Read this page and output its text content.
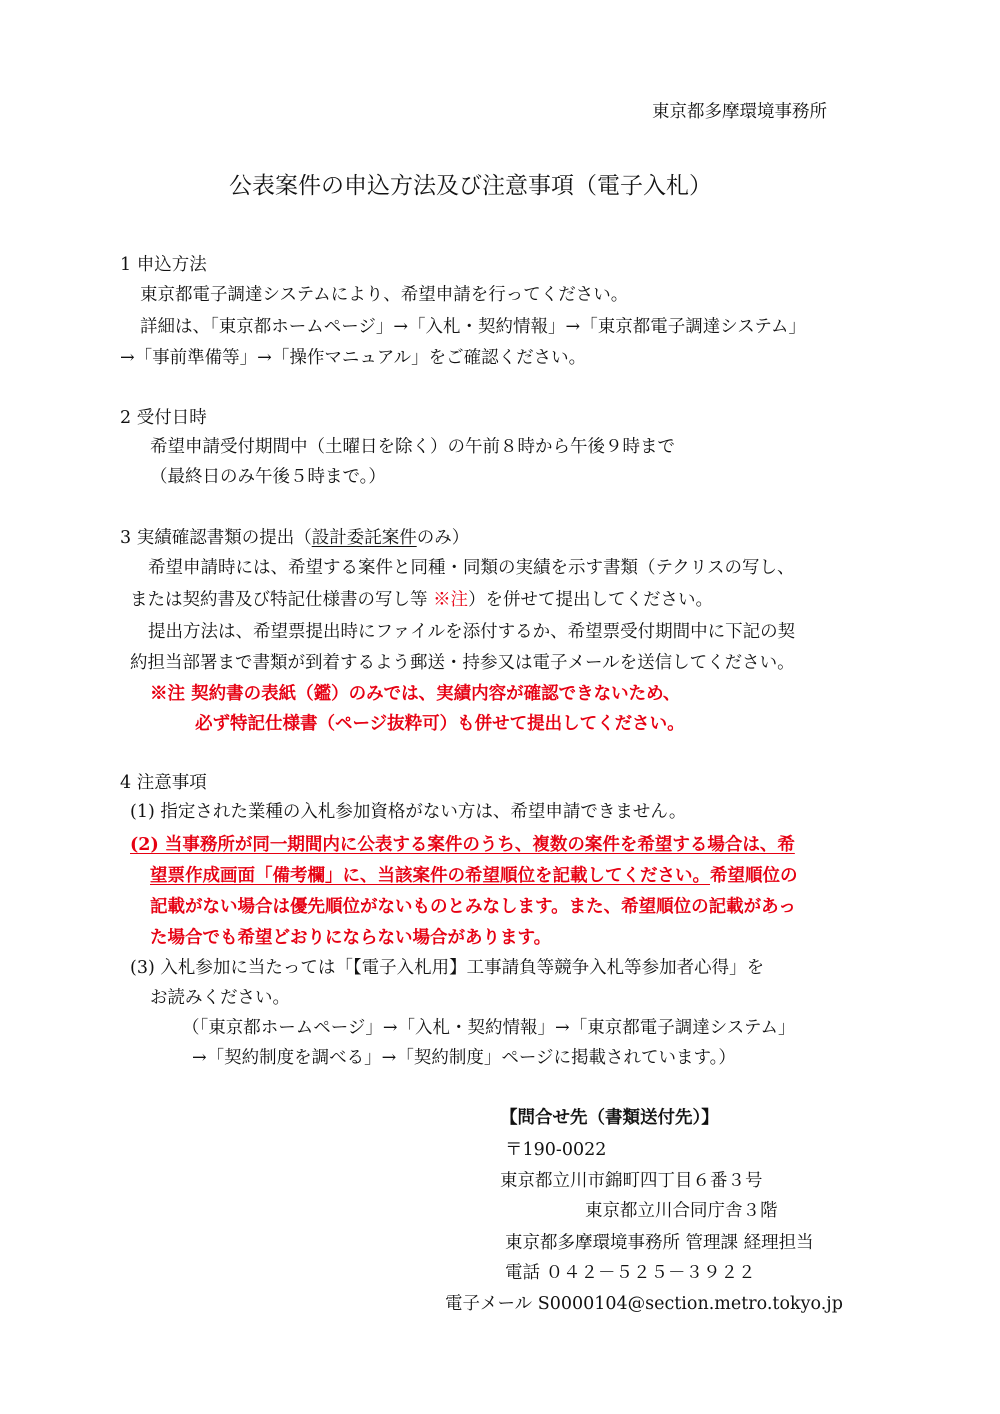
東京都多摩環境事務所
公表案件の申込方法及び注意事項（電子入札）
1 申込方法
東京都電子調達システムにより、希望申請を行ってください。
詳細は、「東京都ホームページ」→「入札・契約情報」→「東京都電子調達システム」
→「事前準備等」→「操作マニュアル」をご確認ください。
2 受付日時
希望申請受付期間中（土曜日を除く）の午前８時から午後９時まで
（最終日のみ午後５時まで。）
3 実績確認書類の提出（設計委託案件のみ）
希望申請時には、希望する案件と同種・同類の実績を示す書類（テクリスの写し、
または契約書及び特記仕様書の写し等 ※注）を併せて提出してください。
提出方法は、希望票提出時にファイルを添付するか、希望票受付期間中に下記の契
約担当部署まで書類が到着するよう郵送・持参又は電子メールを送信してください。
※注 契約書の表紙（鑑）のみでは、実績内容が確認できないため、
必ず特記仕様書（ページ抜粋可）も併せて提出してください。
4 注意事項
(1) 指定された業種の入札参加資格がない方は、希望申請できません。
(2) 当事務所が同一期間内に公表する案件のうち、複数の案件を希望する場合は、希
望票作成画面「備考欄」に、当該案件の希望順位を記載してください。希望順位の
記載がない場合は優先順位がないものとみなします。また、希望順位の記載があっ
た場合でも希望どおりにならない場合があります。
(3) 入札参加に当たっては「【電子入札用】工事請負等競争入札等参加者心得」を
お読みください。
（「東京都ホームページ」→「入札・契約情報」→「東京都電子調達システム」
→「契約制度を調べる」→「契約制度」ページに掲載されています。）
【問合せ先（書類送付先）】
〒190-0022
東京都立川市錦町四丁目６番３号
東京都立川合同庁舎３階
東京都多摩環境事務所 管理課 経理担当
電話 ０４２－５２５－３９２２
電子メール S0000104@section.metro.tokyo.jp
